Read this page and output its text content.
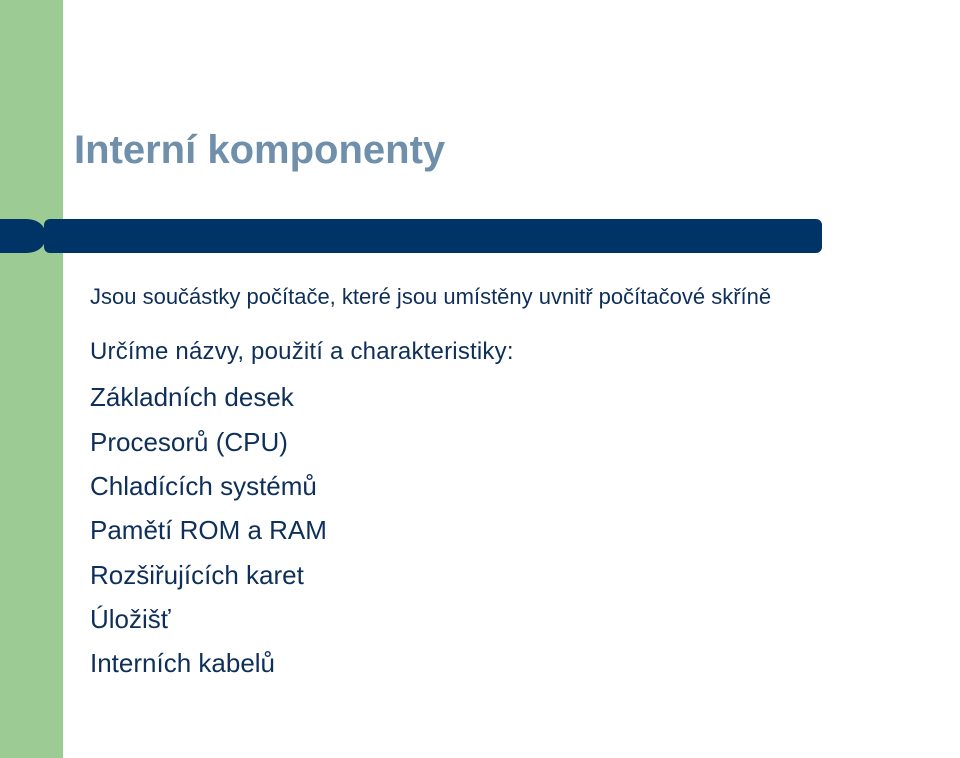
Interní komponenty
Jsou součástky počítače, které jsou umístěny uvnitř počítačové skříně
Určíme názvy, použití a charakteristiky:
Základních desek
Procesorů (CPU)
Chladících systémů
Pamětí ROM a RAM
Rozšiřujících karet
Úložišť
Interních kabelů
